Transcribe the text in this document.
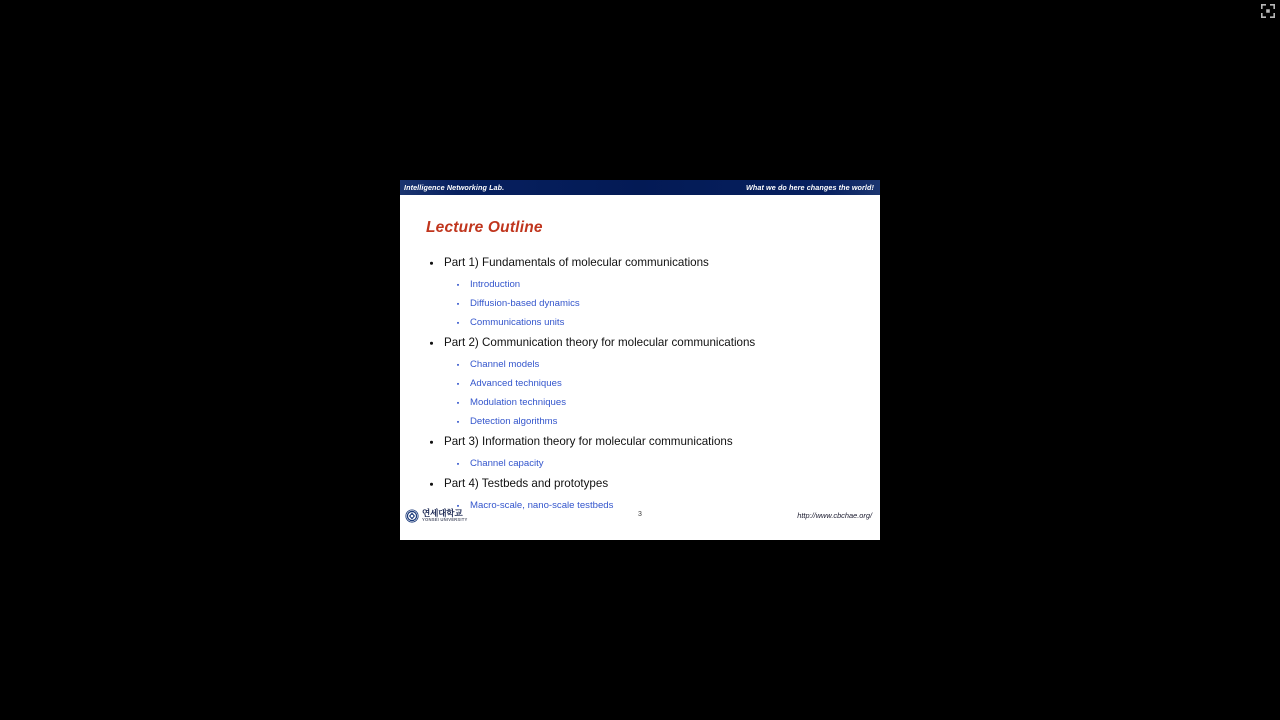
Intelligence Networking Lab.	What we do here changes the world!
Lecture Outline
Part 1) Fundamentals of molecular communications
Introduction
Diffusion-based dynamics
Communications units
Part 2) Communication theory for molecular communications
Channel models
Advanced techniques
Modulation techniques
Detection algorithms
Part 3) Information theory for molecular communications
Channel capacity
Part 4) Testbeds and prototypes
Macro-scale, nano-scale testbeds
연세대학교
YONSEI UNIVERSITY
3	http://www.cbchae.org/
